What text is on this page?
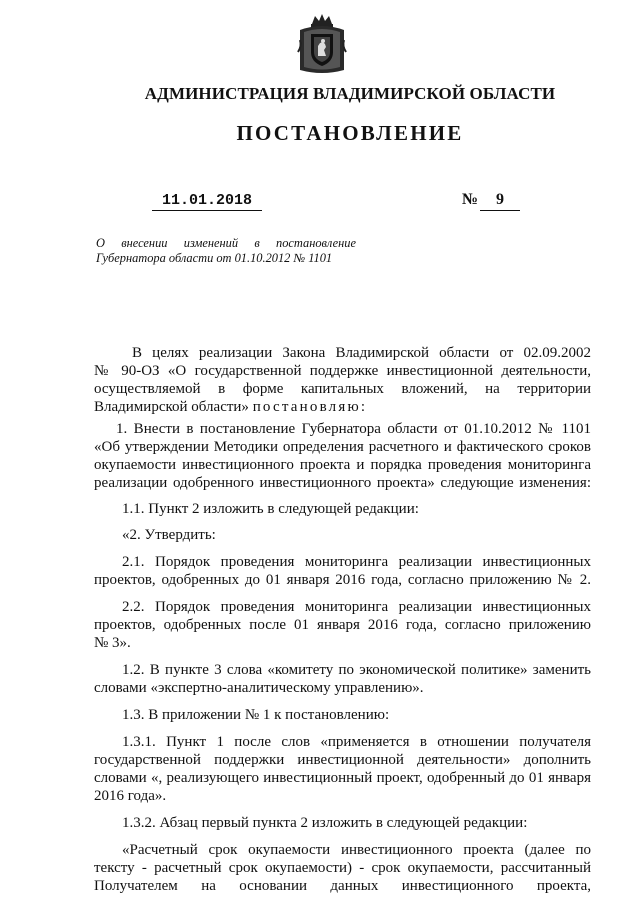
АДМИНИСТРАЦИЯ ВЛАДИМИРСКОЙ ОБЛАСТИ
ПОСТАНОВЛЕНИЕ
11.01.2018	№	9
О внесении изменений в постановление
Губернатора области от 01.10.2012 № 1101
В целях реализации Закона Владимирской области от 02.09.2002
№ 90-ОЗ «О государственной поддержке инвестиционной деятельности,
осуществляемой в форме капитальных вложений, на территории
Владимирской области» постановляю:
1. Внести в постановление Губернатора области от 01.10.2012 № 1101
«Об утверждении Методики определения расчетного и фактического сроков
окупаемости инвестиционного проекта и порядка проведения мониторинга
реализации одобренного инвестиционного проекта» следующие изменения:
1.1. Пункт 2 изложить в следующей редакции:
«2. Утвердить:
2.1. Порядок проведения мониторинга реализации инвестиционных
проектов, одобренных до 01 января 2016 года, согласно приложению № 2.
2.2. Порядок проведения мониторинга реализации инвестиционных
проектов, одобренных после 01 января 2016 года, согласно приложению
№ 3».
1.2. В пункте 3 слова «комитету по экономической политике» заменить
словами «экспертно-аналитическому управлению».
1.3. В приложении № 1 к постановлению:
1.3.1. Пункт 1 после слов «применяется в отношении получателя
государственной поддержки инвестиционной деятельности» дополнить
словами «, реализующего инвестиционный проект, одобренный до 01 января
2016 года».
1.3.2. Абзац первый пункта 2 изложить в следующей редакции:
«Расчетный срок окупаемости инвестиционного проекта (далее по
тексту - расчетный срок окупаемости) - срок окупаемости, рассчитанный
Получателем на основании данных инвестиционного проекта,
